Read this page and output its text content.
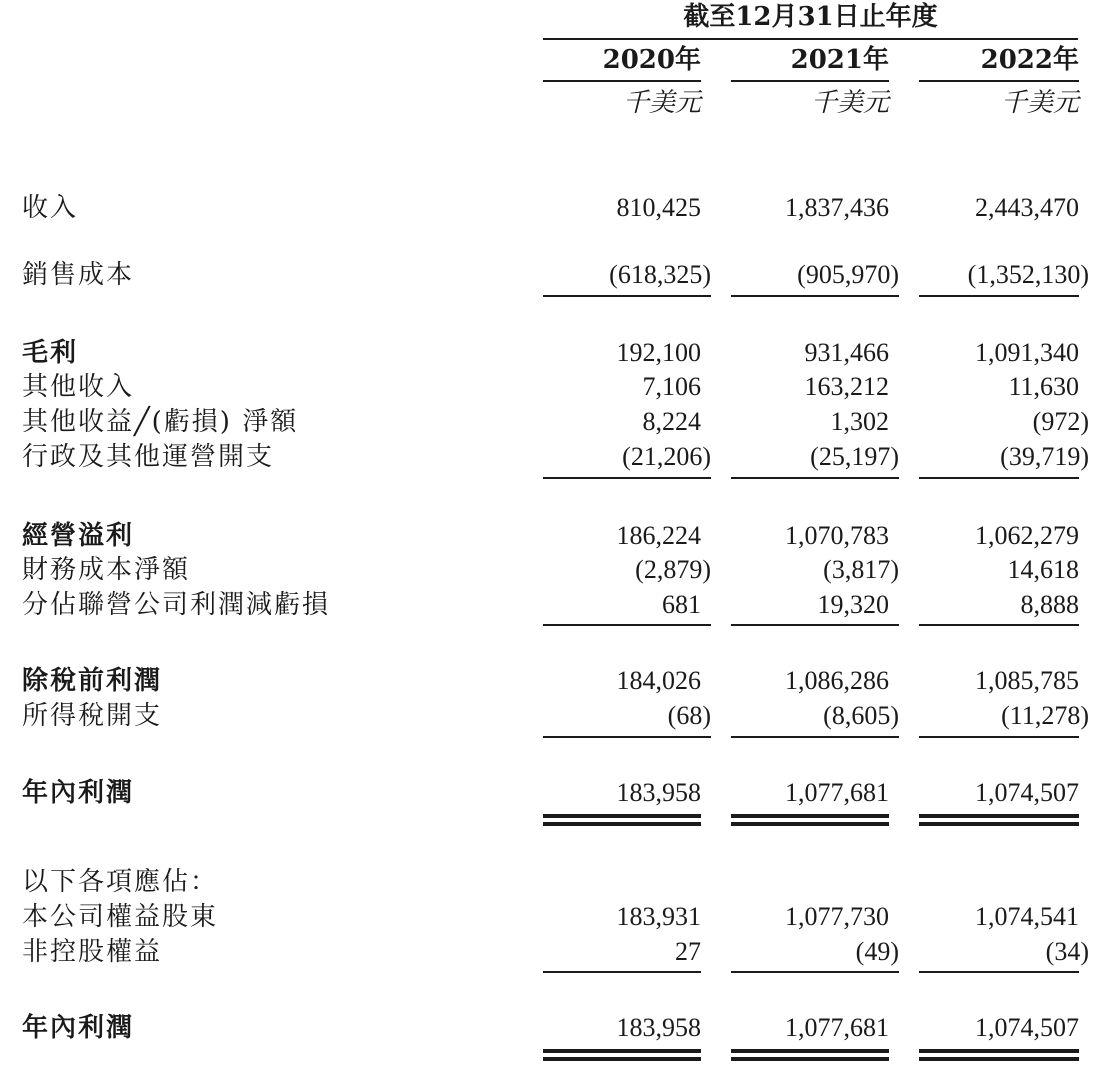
截至12月31日止年度
2020年	2021年	2022年
千美元	千美元	千美元
收入	810,425	1,837,436	2,443,470
銷售成本	(618,325)	(905,970)	(1,352,130)
毛利	192,100	931,466	1,091,340
其他收入	7,106	163,212	11,630
其他收益╱(虧損) 淨額	8,224	1,302	(972)
行政及其他運營開支	(21,206)	(25,197)	(39,719)
經營溢利	186,224	1,070,783	1,062,279
財務成本淨額	(2,879)	(3,817)	14,618
分佔聯營公司利潤減虧損	681	19,320	8,888
除稅前利潤	184,026	1,086,286	1,085,785
所得稅開支	(68)	(8,605)	(11,278)
年內利潤	183,958	1,077,681	1,074,507
以下各項應佔：
本公司權益股東	183,931	1,077,730	1,074,541
非控股權益	27	(49)	(34)
年內利潤	183,958	1,077,681	1,074,507
